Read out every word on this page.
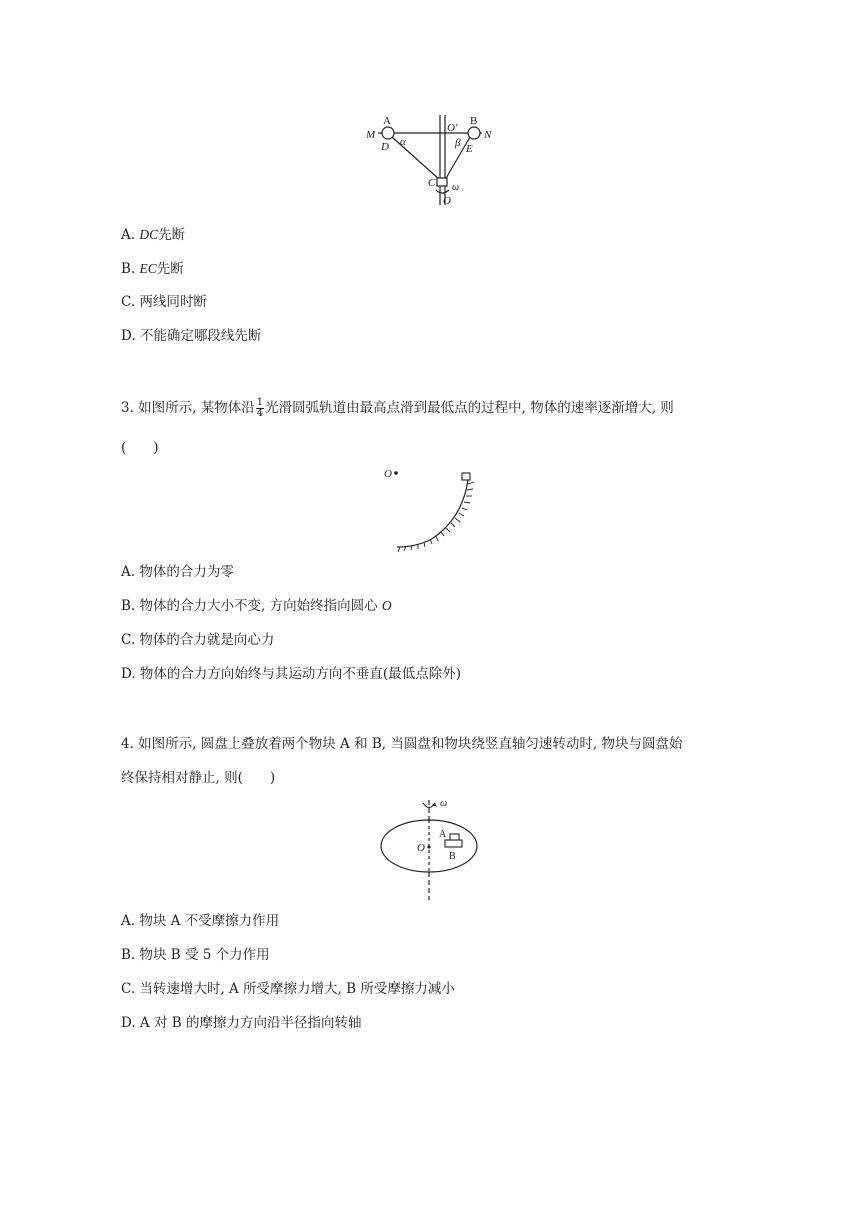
M
A	B
N
O′
D α	β E
C ω
O
A. DC先断
B. EC先断
C. 两线同时断
D. 不能确定哪段线先断
3. 如图所示, 某物体沿 $\frac{1}{4}$ 光滑圆弧轨道由最高点滑到最低点的过程中, 物体的速率逐渐增大, 则
(　　)
O
A. 物体的合力为零
B. 物体的合力大小不变, 方向始终指向圆心 O
C. 物体的合力就是向心力
D. 物体的合力方向始终与其运动方向不垂直(最低点除外)
4. 如图所示, 圆盘上叠放着两个物块 A 和 B, 当圆盘和物块绕竖直轴匀速转动时, 物块与圆盘始
终保持相对静止, 则(　　)
ω
O
A
B
A. 物块 A 不受摩擦力作用
B. 物块 B 受 5 个力作用
C. 当转速增大时, A 所受摩擦力增大, B 所受摩擦力减小
D. A 对 B 的摩擦力方向沿半径指向转轴
